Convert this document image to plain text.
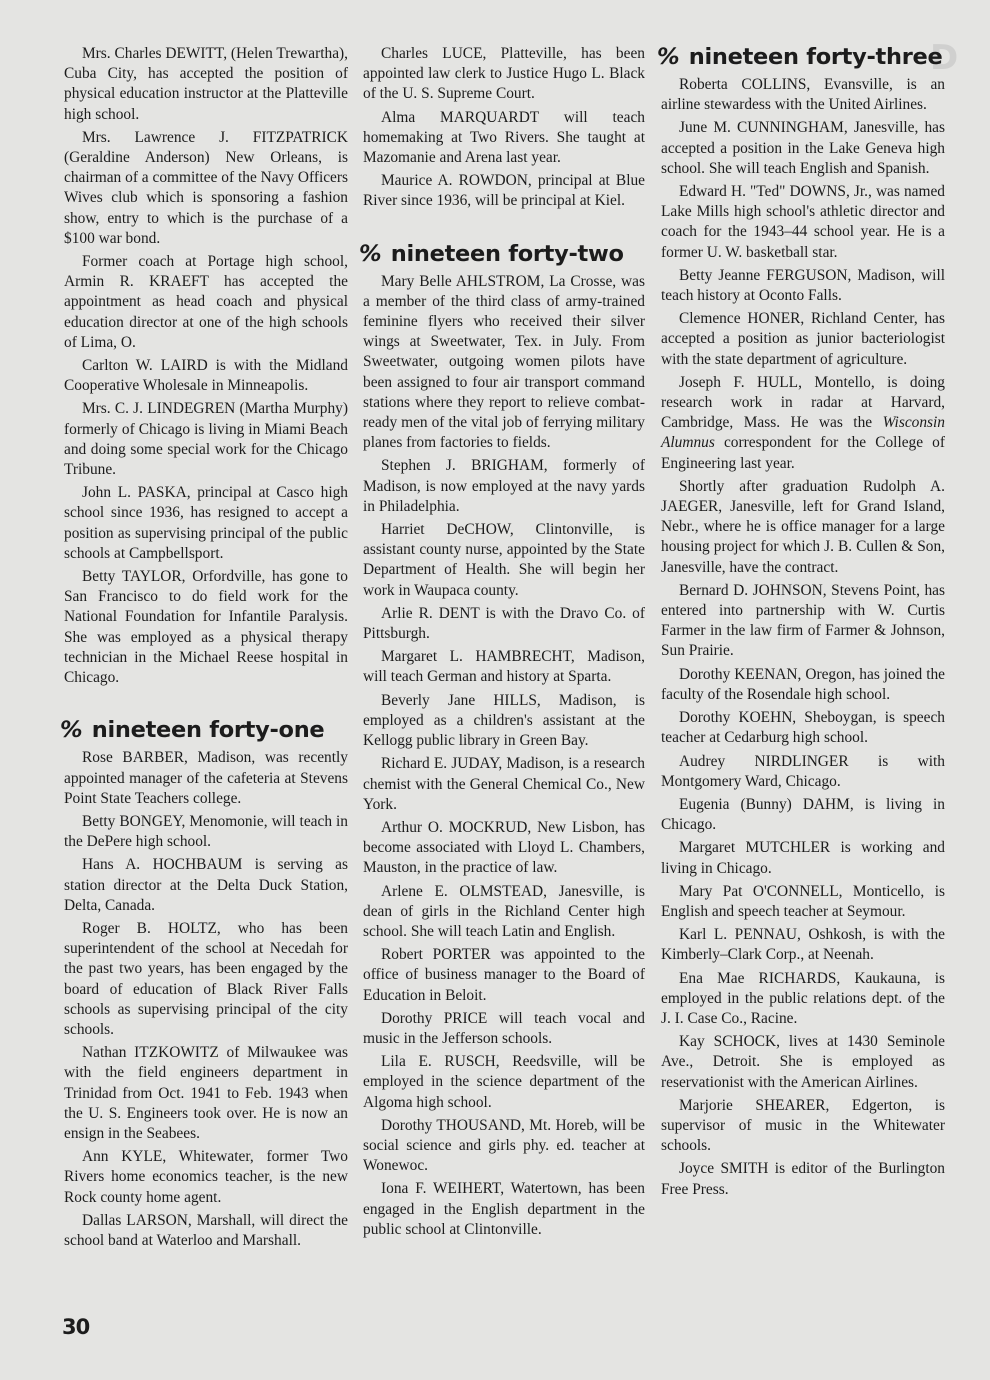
D

Mrs. Charles DEWITT, (Helen Trewartha), Cuba City, has accepted the position of physical education instructor at the Platteville high school.

Mrs. Lawrence J. FITZPATRICK (Geraldine Anderson) New Orleans, is chairman of a committee of the Navy Officers Wives club which is sponsoring a fashion show, entry to which is the purchase of a $100 war bond.

Former coach at Portage high school, Armin R. KRAEFT has accepted the appointment as head coach and physical education director at one of the high schools of Lima, O.

Carlton W. LAIRD is with the Midland Cooperative Wholesale in Minneapolis.

Mrs. C. J. LINDEGREN (Martha Murphy) formerly of Chicago is living in Miami Beach and doing some special work for the Chicago Tribune.

John L. PASKA, principal at Casco high school since 1936, has resigned to accept a position as supervising principal of the public schools at Campbellsport.

Betty TAYLOR, Orfordville, has gone to San Francisco to do field work for the National Foundation for Infantile Paralysis. She was employed as a physical therapy technician in the Michael Reese hospital in Chicago.

% nineteen forty-one

Rose BARBER, Madison, was recently appointed manager of the cafeteria at Stevens Point State Teachers college.

Betty BONGEY, Menomonie, will teach in the DePere high school.

Hans A. HOCHBAUM is serving as station director at the Delta Duck Station, Delta, Canada.

Roger B. HOLTZ, who has been superintendent of the school at Necedah for the past two years, has been engaged by the board of education of Black River Falls schools as supervising principal of the city schools.

Nathan ITZKOWITZ of Milwaukee was with the field engineers department in Trinidad from Oct. 1941 to Feb. 1943 when the U. S. Engineers took over. He is now an ensign in the Seabees.

Ann KYLE, Whitewater, former Two Rivers home economics teacher, is the new Rock county home agent.

Dallas LARSON, Marshall, will direct the school band at Waterloo and Marshall.

Charles LUCE, Platteville, has been appointed law clerk to Justice Hugo L. Black of the U. S. Supreme Court.

Alma MARQUARDT will teach homemaking at Two Rivers. She taught at Mazomanie and Arena last year.

Maurice A. ROWDON, principal at Blue River since 1936, will be principal at Kiel.

% nineteen forty-two

Mary Belle AHLSTROM, La Crosse, was a member of the third class of army-trained feminine flyers who received their silver wings at Sweetwater, Tex. in July. From Sweetwater, outgoing women pilots have been assigned to four air transport command stations where they report to relieve combat-ready men of the vital job of ferrying military planes from factories to fields.

Stephen J. BRIGHAM, formerly of Madison, is now employed at the navy yards in Philadelphia.

Harriet DeCHOW, Clintonville, is assistant county nurse, appointed by the State Department of Health. She will begin her work in Waupaca county.

Arlie R. DENT is with the Dravo Co. of Pittsburgh.

Margaret L. HAMBRECHT, Madison, will teach German and history at Sparta.

Beverly Jane HILLS, Madison, is employed as a children's assistant at the Kellogg public library in Green Bay.

Richard E. JUDAY, Madison, is a research chemist with the General Chemical Co., New York.

Arthur O. MOCKRUD, New Lisbon, has become associated with Lloyd L. Chambers, Mauston, in the practice of law.

Arlene E. OLMSTEAD, Janesville, is dean of girls in the Richland Center high school. She will teach Latin and English.

Robert PORTER was appointed to the office of business manager to the Board of Education in Beloit.

Dorothy PRICE will teach vocal and music in the Jefferson schools.

Lila E. RUSCH, Reedsville, will be employed in the science department of the Algoma high school.

Dorothy THOUSAND, Mt. Horeb, will be social science and girls phy. ed. teacher at Wonewoc.

Iona F. WEIHERT, Watertown, has been engaged in the English department in the public school at Clintonville.

% nineteen forty-three

Roberta COLLINS, Evansville, is an airline stewardess with the United Airlines.

June M. CUNNINGHAM, Janesville, has accepted a position in the Lake Geneva high school. She will teach English and Spanish.

Edward H. "Ted" DOWNS, Jr., was named Lake Mills high school's athletic director and coach for the 1943–44 school year. He is a former U. W. basketball star.

Betty Jeanne FERGUSON, Madison, will teach history at Oconto Falls.

Clemence HONER, Richland Center, has accepted a position as junior bacteriologist with the state department of agriculture.

Joseph F. HULL, Montello, is doing research work in radar at Harvard, Cambridge, Mass. He was the Wisconsin Alumnus correspondent for the College of Engineering last year.

Shortly after graduation Rudolph A. JAEGER, Janesville, left for Grand Island, Nebr., where he is office manager for a large housing project for which J. B. Cullen & Son, Janesville, have the contract.

Bernard D. JOHNSON, Stevens Point, has entered into partnership with W. Curtis Farmer in the law firm of Farmer & Johnson, Sun Prairie.

Dorothy KEENAN, Oregon, has joined the faculty of the Rosendale high school.

Dorothy KOEHN, Sheboygan, is speech teacher at Cedarburg high school.

Audrey NIRDLINGER is with Montgomery Ward, Chicago.

Eugenia (Bunny) DAHM, is living in Chicago.

Margaret MUTCHLER is working and living in Chicago.

Mary Pat O'CONNELL, Monticello, is English and speech teacher at Seymour.

Karl L. PENNAU, Oshkosh, is with the Kimberly–Clark Corp., at Neenah.

Ena Mae RICHARDS, Kaukauna, is employed in the public relations dept. of the J. I. Case Co., Racine.

Kay SCHOCK, lives at 1430 Seminole Ave., Detroit. She is employed as reservationist with the American Airlines.

Marjorie SHEARER, Edgerton, is supervisor of music in the Whitewater schools.

Joyce SMITH is editor of the Burlington Free Press.

30
